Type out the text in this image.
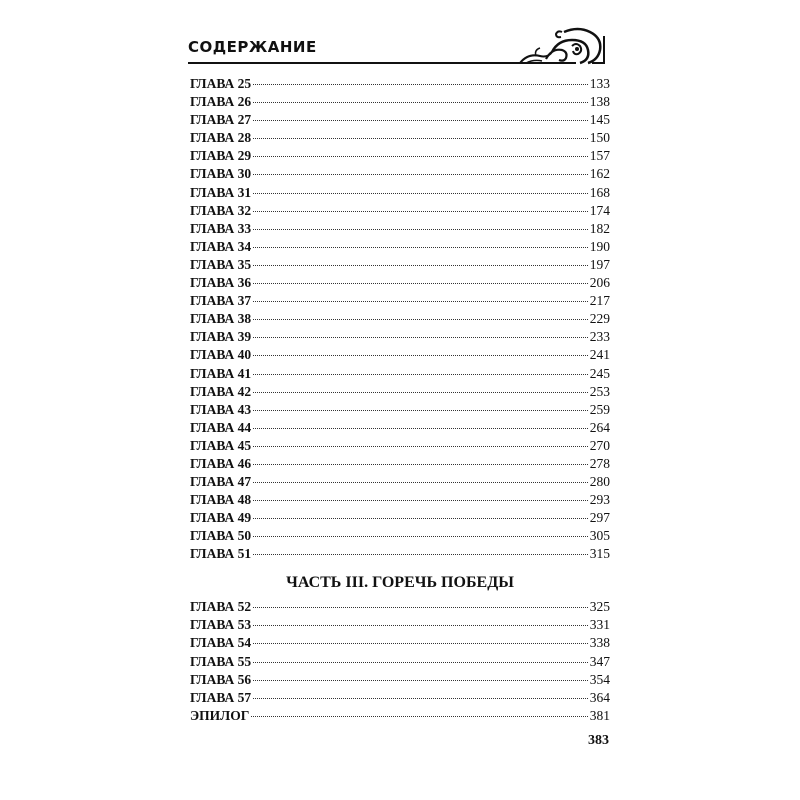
СОДЕРЖАНИЕ
ГЛАВА 25	133
ГЛАВА 26	138
ГЛАВА 27	145
ГЛАВА 28	150
ГЛАВА 29	157
ГЛАВА 30	162
ГЛАВА 31	168
ГЛАВА 32	174
ГЛАВА 33	182
ГЛАВА 34	190
ГЛАВА 35	197
ГЛАВА 36	206
ГЛАВА 37	217
ГЛАВА 38	229
ГЛАВА 39	233
ГЛАВА 40	241
ГЛАВА 41	245
ГЛАВА 42	253
ГЛАВА 43	259
ГЛАВА 44	264
ГЛАВА 45	270
ГЛАВА 46	278
ГЛАВА 47	280
ГЛАВА 48	293
ГЛАВА 49	297
ГЛАВА 50	305
ГЛАВА 51	315
ЧАСТЬ III. ГОРЕЧЬ ПОБЕДЫ
ГЛАВА 52	325
ГЛАВА 53	331
ГЛАВА 54	338
ГЛАВА 55	347
ГЛАВА 56	354
ГЛАВА 57	364
ЭПИЛОГ	381
383
